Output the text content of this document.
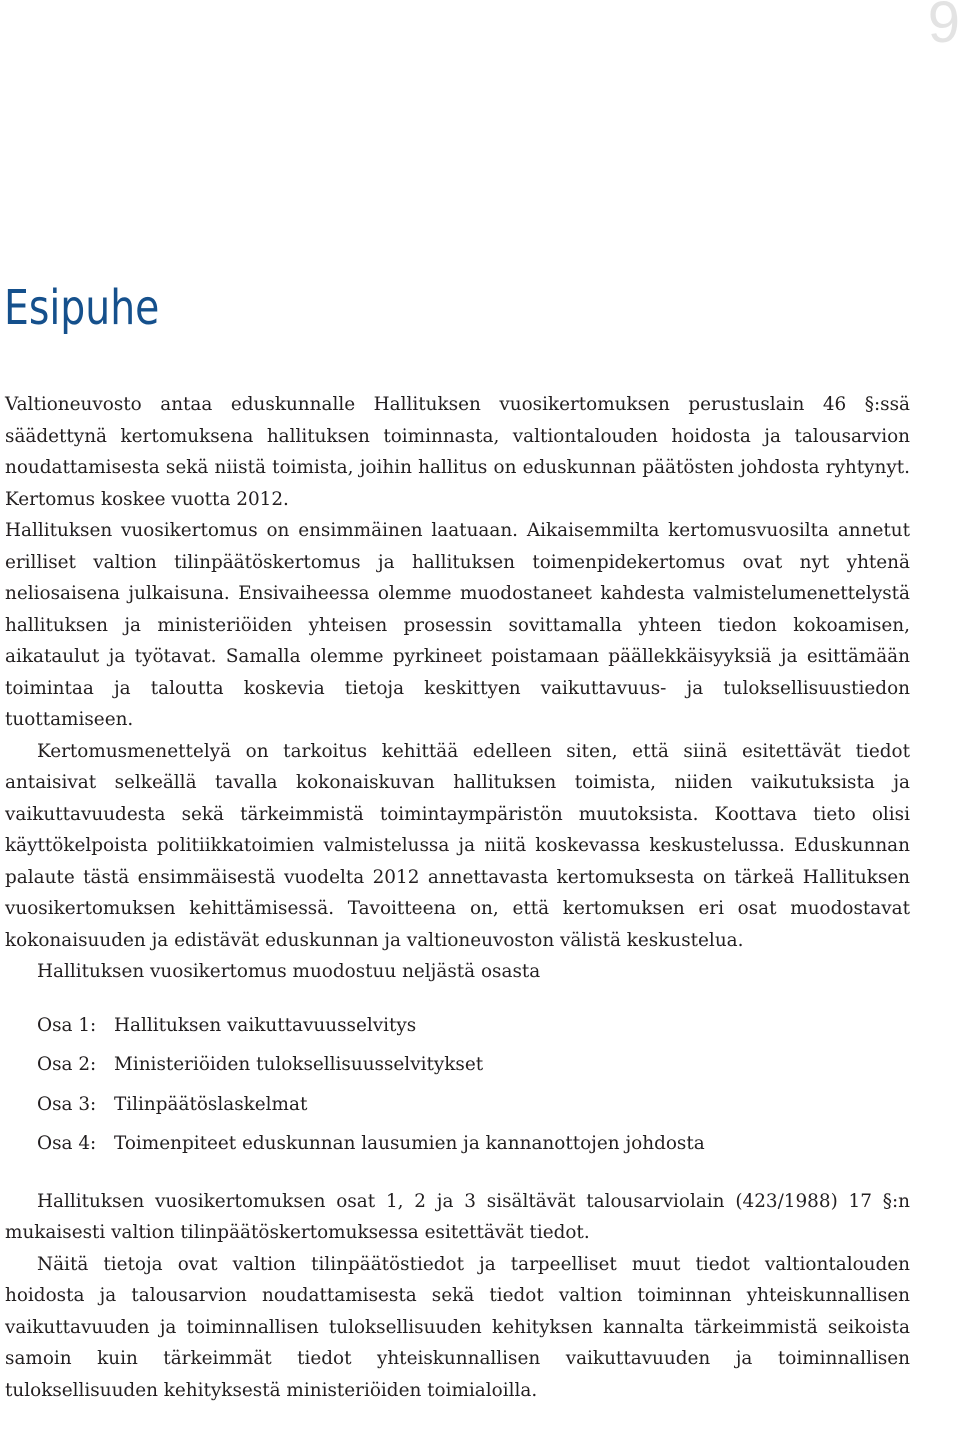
9
Esipuhe

Valtioneuvosto antaa eduskunnalle Hallituksen vuosikertomuksen perustuslain 46 §:ssä säädettynä kertomuksena hallituksen toiminnasta, valtiontalouden hoidosta ja talousarvion noudattamisesta sekä niistä toimista, joihin hallitus on eduskunnan päätösten johdosta ryhtynyt. Kertomus koskee vuotta 2012.

Hallituksen vuosikertomus on ensimmäinen laatuaan. Aikaisemmilta kertomusvuosilta annetut erilliset valtion tilinpäätöskertomus ja hallituksen toimenpidekertomus ovat nyt yhtenä neliosaisena julkaisuna. Ensivaiheessa olemme muodostaneet kahdesta valmistelumenettelystä hallituksen ja ministeriöiden yhteisen prosessin sovittamalla yhteen tiedon kokoamisen, aikataulut ja työtavat. Samalla olemme pyrkineet poistamaan päällekkäisyyksiä ja esittämään toimintaa ja taloutta koskevia tietoja keskittyen vaikuttavuus- ja tuloksellisuustiedon tuottamiseen.

Kertomusmenettelyä on tarkoitus kehittää edelleen siten, että siinä esitettävät tiedot antaisivat selkeällä tavalla kokonaiskuvan hallituksen toimista, niiden vaikutuksista ja vaikuttavuudesta sekä tärkeimmistä toimintaympäristön muutoksista. Koottava tieto olisi käyttökelpoista politiikkatoimien valmistelussa ja niitä koskevassa keskustelussa. Eduskunnan palaute tästä ensimmäisestä vuodelta 2012 annettavasta kertomuksesta on tärkeä Hallituksen vuosikertomuksen kehittämisessä. Tavoitteena on, että kertomuksen eri osat muodostavat kokonaisuuden ja edistävät eduskunnan ja valtioneuvoston välistä keskustelua.

Hallituksen vuosikertomus muodostuu neljästä osasta

Osa 1: Hallituksen vaikuttavuusselvitys
Osa 2: Ministeriöiden tuloksellisuusselvitykset
Osa 3: Tilinpäätöslaskelmat
Osa 4: Toimenpiteet eduskunnan lausumien ja kannanottojen johdosta

Hallituksen vuosikertomuksen osat 1, 2 ja 3 sisältävät talousarviolain (423/1988) 17 §:n mukaisesti valtion tilinpäätöskertomuksessa esitettävät tiedot.

Näitä tietoja ovat valtion tilinpäätöstiedot ja tarpeelliset muut tiedot valtiontalouden hoidosta ja talousarvion noudattamisesta sekä tiedot valtion toiminnan yhteiskunnallisen vaikuttavuuden ja toiminnallisen tuloksellisuuden kehityksen kannalta tärkeimmistä seikoista samoin kuin tärkeimmät tiedot yhteiskunnallisen vaikuttavuuden ja toiminnallisen tuloksellisuuden kehityksestä ministeriöiden toimialoilla.
